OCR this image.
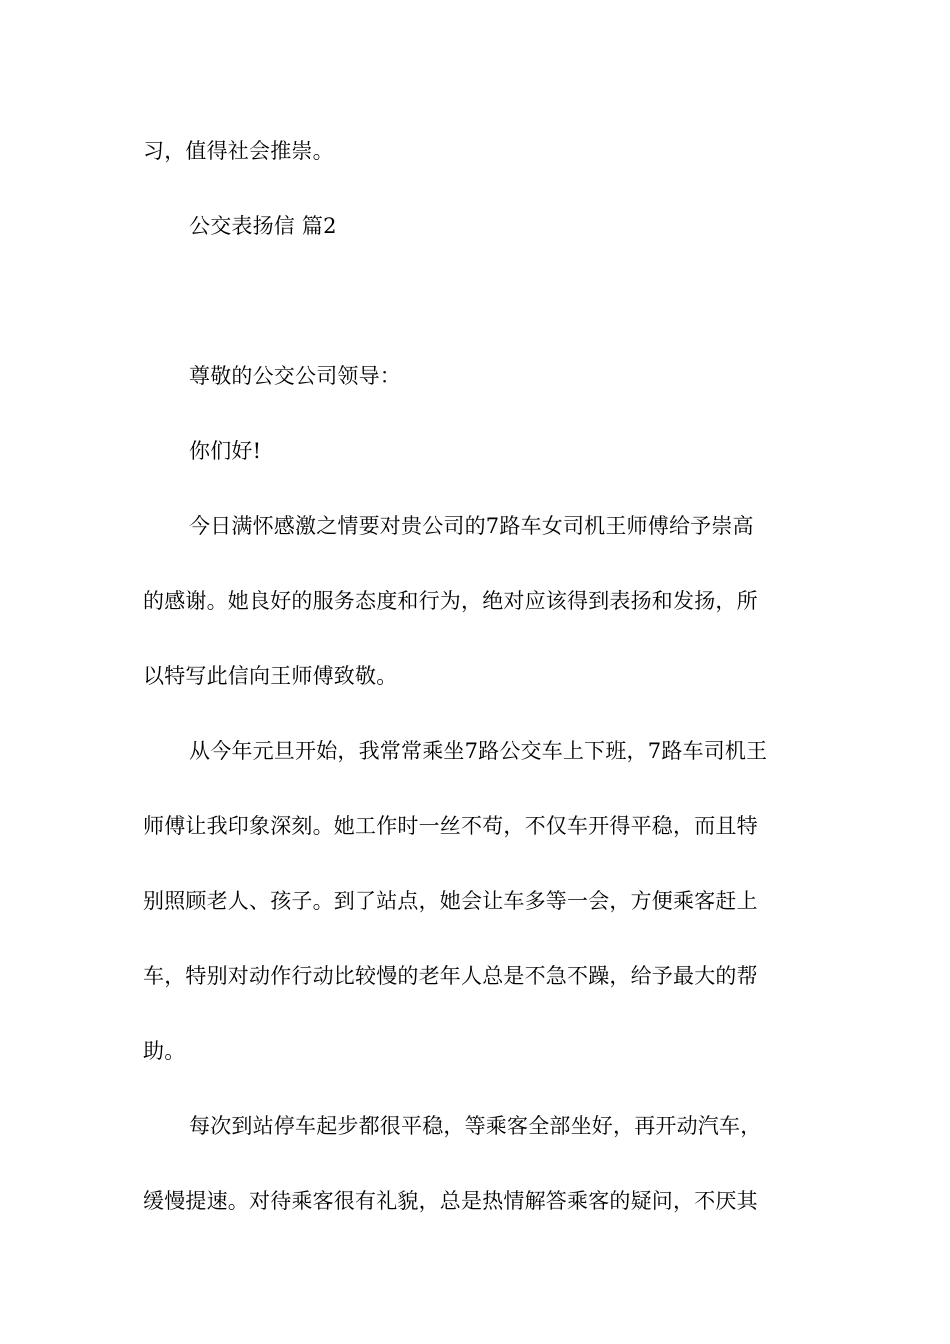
习，值得社会推崇。
公交表扬信 篇2
尊敬的公交公司领导：
你们好!
今日满怀感激之情要对贵公司的7路车女司机王师傅给予崇高
的感谢。她良好的服务态度和行为，绝对应该得到表扬和发扬，所
以特写此信向王师傅致敬。
从今年元旦开始，我常常乘坐7路公交车上下班，7路车司机王
师傅让我印象深刻。她工作时一丝不苟，不仅车开得平稳，而且特
别照顾老人、孩子。到了站点，她会让车多等一会，方便乘客赶上
车，特别对动作行动比较慢的老年人总是不急不躁，给予最大的帮
助。
每次到站停车起步都很平稳，等乘客全部坐好，再开动汽车，
缓慢提速。对待乘客很有礼貌，总是热情解答乘客的疑问，不厌其
